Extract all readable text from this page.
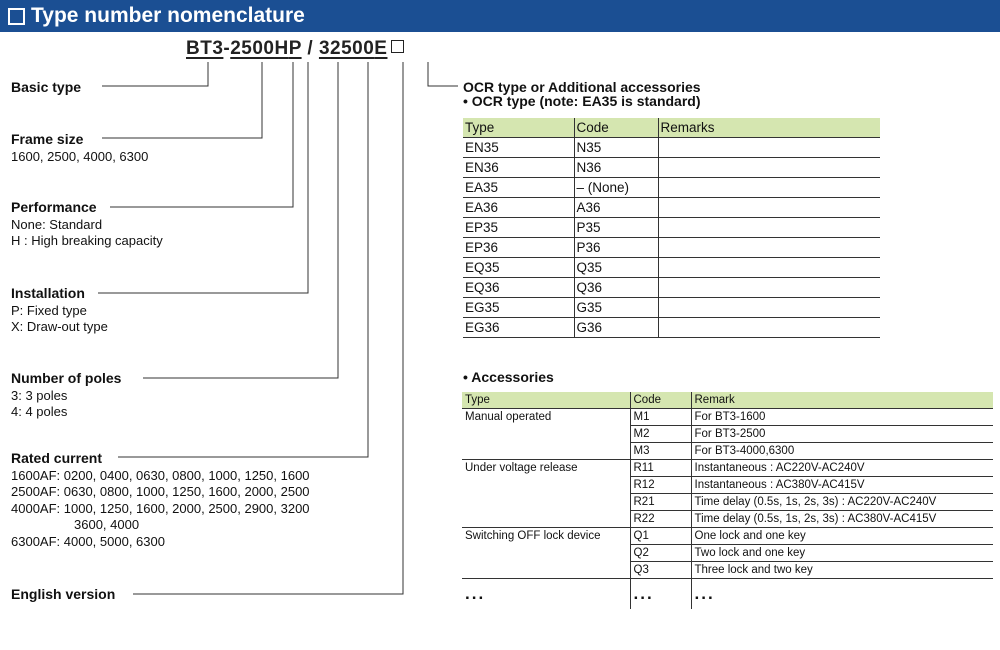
Type number nomenclature
BT3-2500HP / 32500E
Basic type
Frame size
1600, 2500, 4000, 6300
Performance
None: Standard
H : High breaking capacity
Installation
P: Fixed type
X: Draw-out type
Number of poles
3: 3 poles
4: 4 poles
Rated current
1600AF: 0200, 0400, 0630, 0800, 1000, 1250, 1600
2500AF: 0630, 0800, 1000, 1250, 1600, 2000, 2500
4000AF: 1000, 1250, 1600, 2000, 2500, 2900, 3200
3600, 4000
6300AF: 4000, 5000, 6300
English version
OCR type or Additional accessories
• OCR type (note: EA35 is standard)
Type	Code	Remarks
EN35	N35	
EN36	N36	
EA35	– (None)	
EA36	A36	
EP35	P35	
EP36	P36	
EQ35	Q35	
EQ36	Q36	
EG35	G35	
EG36	G36	
• Accessories
Type	Code	Remark
Manual operated	M1	For BT3-1600
	M2	For BT3-2500
	M3	For BT3-4000,6300
Under voltage release	R11	Instantaneous : AC220V-AC240V
	R12	Instantaneous : AC380V-AC415V
	R21	Time delay (0.5s, 1s, 2s, 3s) : AC220V-AC240V
	R22	Time delay (0.5s, 1s, 2s, 3s) : AC380V-AC415V
Switching OFF lock device	Q1	One lock and one key
	Q2	Two lock and one key
	Q3	Three lock and two key
...	...	...
